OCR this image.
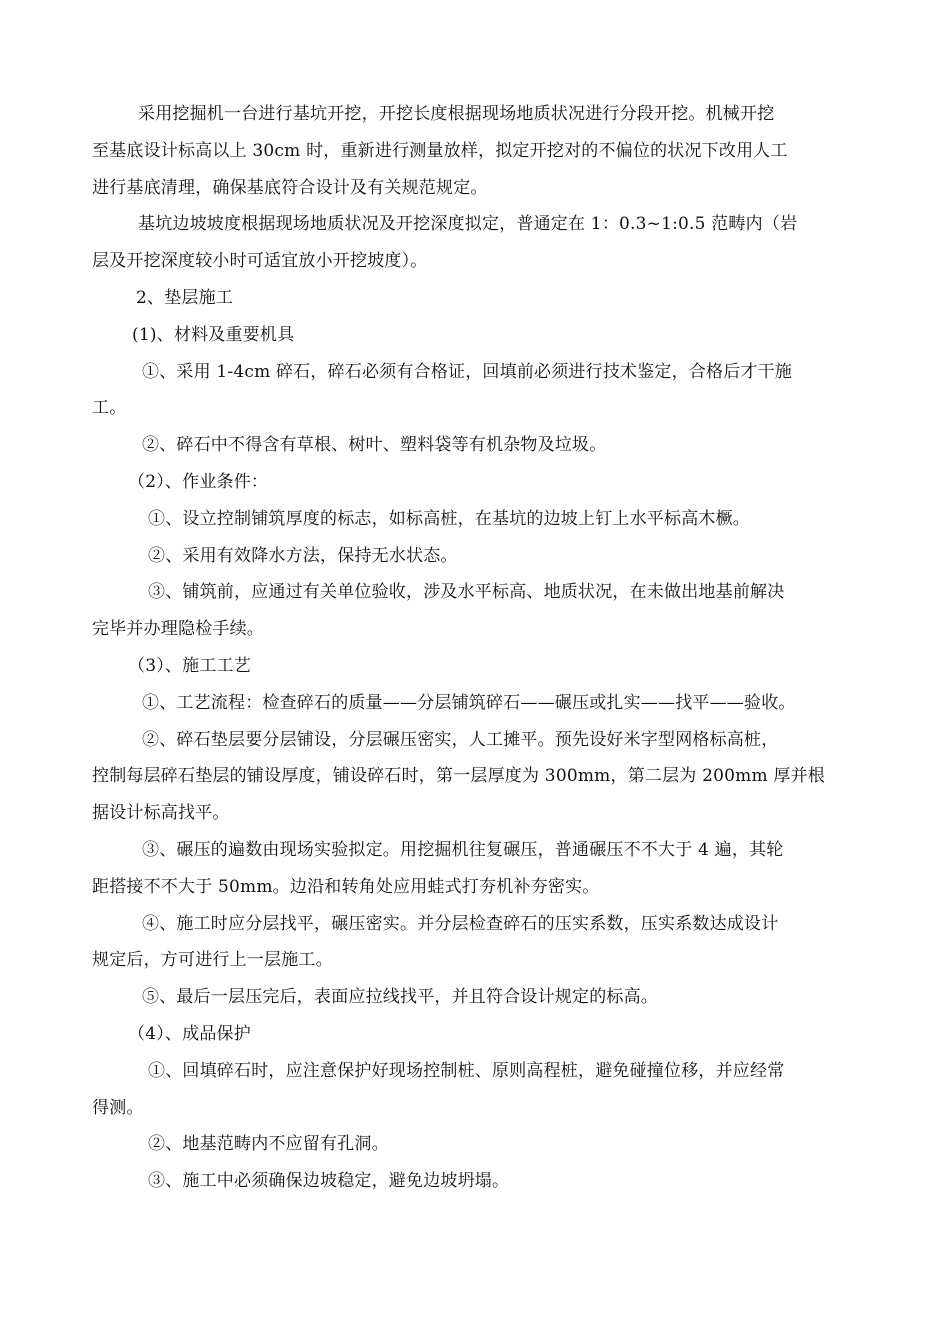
采用挖掘机一台进行基坑开挖，开挖长度根据现场地质状况进行分段开挖。机械开挖

至基底设计标高以上 30cm 时，重新进行测量放样，拟定开挖对的不偏位的状况下改用人工

进行基底清理，确保基底符合设计及有关规范规定。

基坑边坡坡度根据现场地质状况及开挖深度拟定，普通定在 1：0.3~1:0.5 范畴内（岩

层及开挖深度较小时可适宜放小开挖坡度）。

2、垫层施工

(1)、材料及重要机具

①、采用 1-4cm 碎石，碎石必须有合格证，回填前必须进行技术鉴定，合格后才干施

工。

②、碎石中不得含有草根、树叶、塑料袋等有机杂物及垃圾。

（2）、作业条件：

①、设立控制铺筑厚度的标志，如标高桩，在基坑的边坡上钉上水平标高木橛。

②、采用有效降水方法，保持无水状态。

③、铺筑前，应通过有关单位验收，涉及水平标高、地质状况，在未做出地基前解决

完毕并办理隐检手续。

（3）、施工工艺

①、工艺流程：检查碎石的质量——分层铺筑碎石——碾压或扎实——找平——验收。

②、碎石垫层要分层铺设，分层碾压密实，人工摊平。预先设好米字型网格标高桩，

控制每层碎石垫层的铺设厚度，铺设碎石时，第一层厚度为 300mm，第二层为 200mm 厚并根

据设计标高找平。

③、碾压的遍数由现场实验拟定。用挖掘机往复碾压，普通碾压不不大于 4 遍，其轮

距搭接不不大于 50mm。边沿和转角处应用蛙式打夯机补夯密实。

④、施工时应分层找平，碾压密实。并分层检查碎石的压实系数，压实系数达成设计

规定后，方可进行上一层施工。

⑤、最后一层压完后，表面应拉线找平，并且符合设计规定的标高。

（4）、成品保护

①、回填碎石时，应注意保护好现场控制桩、原则高程桩，避免碰撞位移，并应经常

得测。

②、地基范畴内不应留有孔洞。

③、施工中必须确保边坡稳定，避免边坡坍塌。
